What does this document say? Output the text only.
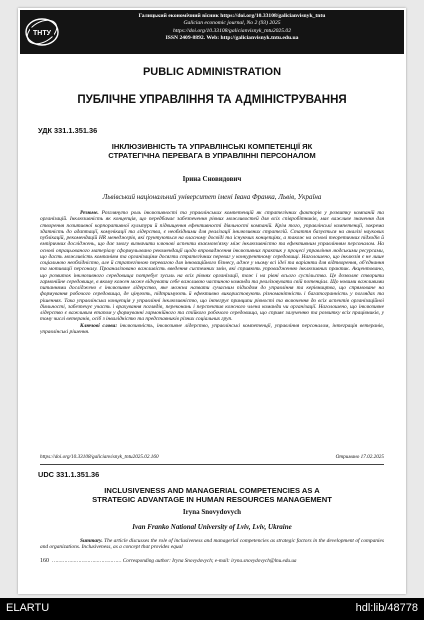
ТНТУ
Галицький економічний вісник https://doi.org/10.33108/galicianvisnyk_tntu
Galician economic journal, No 2 (93) 2025
https://doi.org/10.33108/galicianvisnyk_tntu2025.02
ISSN 2409-8892. Web: http://galicianvisnyk.tntu.edu.ua
PUBLIC ADMINISTRATION
ПУБЛІЧНЕ УПРАВЛІННЯ ТА АДМІНІСТРУВАННЯ
УДК 331.1.351.36
ІНКЛЮЗИВНІСТЬ ТА УПРАВЛІНСЬКІ КОМПЕТЕНЦІЇ ЯК
СТРАТЕГІЧНА ПЕРЕВАГА В УПРАВЛІННІ ПЕРСОНАЛОМ
Ірина Сновидович
Львівський національний університет імені Івана Франка, Львів, Україна
Резюме. Розглянуто роль інклюзивності та управлінських компетенцій як стратегічних факторів у розвитку компаній та організацій. Інклюзивність як концепція, що передбачає забезпечення рівних можливостей для всіх співробітників, має важливе значення для створення позитивної корпоративної культури й підвищення ефективності діяльності компаній. Крім того, управлінські компетенції, зокрема здатність до адаптації, комунікації та лідерства, є необхідними для реалізації інклюзивних стратегій. Стаття базується на аналізі наукових публікацій, рекомендацій HR менеджерів, які ґрунтуються на власному досвіді та існуючих концепціях, а також на основі теоретичних підходів й емпіричних досліджень, що дає змогу визначити ключові аспекти взаємозв'язку між інклюзивністю та ефективним управлінням персоналом. На основі опрацьованого матеріалу сформульовано рекомендації щодо впровадження інклюзивних практик у процесі управління людськими ресурсами, що дасть можливість компаніям та організаціям досягти стратегічних переваг у конкурентному середовищі. Наголошено, що інклюзія є не лише соціальною необхідністю, але й стратегічною перевагою для інноваційного бізнесу, адже у ньому всі ідеї та варіанти для відтворення, об'єднання та мотивації персоналу. Проаналізовано важливість введення системних змін, які сприяють упровадженню інклюзивних практик. Акцентовано, що розвиток інклюзивного середовища потребує зусиль на всіх рівнях організації, тож і на рівні всього суспільства. Це дозволяє створити гармонійне середовище, в якому кожен може відчувати себе важливою частиною команди та реалізовувати свій потенціал. Що новими важливими питаннями досліджено є інклюзивне лідерство, яке можна назвати сучасним підходом до управління та керівництва, що спрямоване на формування робочого середовища, де цінують, підтримують й ефективно використовують різноманітність і багатогранність у поглядах та рішеннях. Така управлінська концепція у управлінні інклюзивністю, що інтегрує принципи рівності та включення до всіх аспектів організаційної діяльності, забезпечує участь і врахування поглядів, переконань і перспектив кожного члена команди чи організації. Наголошено, що інклюзивне лідерство є важливим етапом у формуванні гармонійного та стійкого робочого середовища, що сприяє залученню та розвитку всіх працівників, у тому числі ветеранів, осіб з інвалідністю та представників різних соціальних груп.
Ключові слова: інклюзивність, інклюзивне лідерство, управлінські компетенції, управління персоналом, інтеграція ветеранів, управлінські рішення.
https://doi.org/10.33108/galicianvisnyk_tntu2025.02.160	Отримано 17.02.2025
UDC 331.1.351.36
INCLUSIVENESS AND MANAGERIAL COMPETENCIES AS A
STRATEGIC ADVANTAGE IN HUMAN RESOURCES MANAGEMENT
Iryna Snovydovych
Ivan Franko National University of Lviv, Lviv, Ukraine
Summary. The article discusses the role of inclusiveness and managerial competencies as strategic factors in the development of companies and organizations. Inclusiveness, as a concept that provides equal
160 ……………………………………… Corresponding author: Iryna Snovydovych; e-mail: iryna.snovydovych@lnu.edu.ua
ELARTU	hdl:lib/48778
